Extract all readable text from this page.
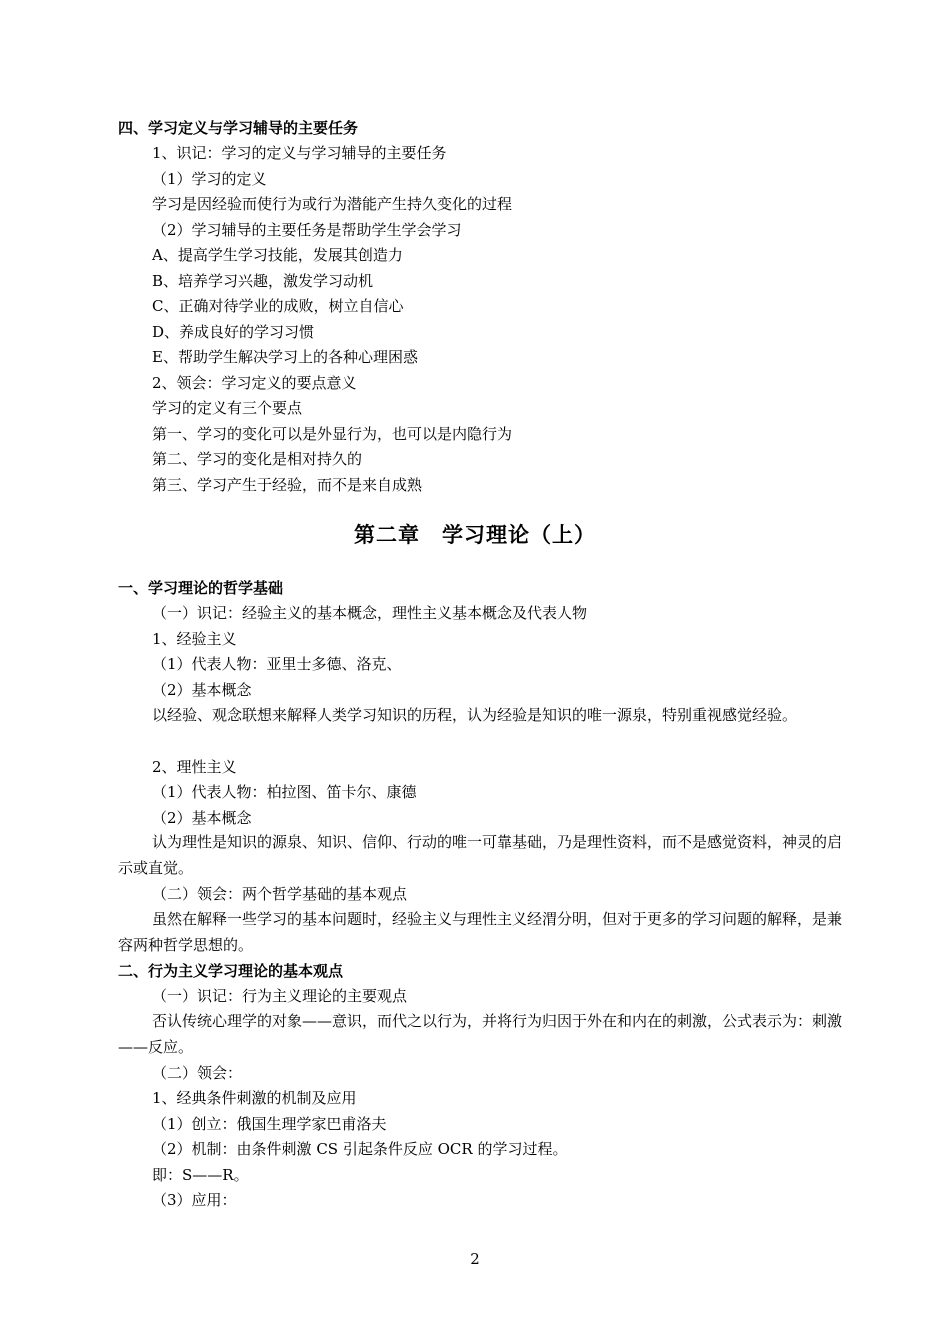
四、学习定义与学习辅导的主要任务
1、识记：学习的定义与学习辅导的主要任务
（1）学习的定义
学习是因经验而使行为或行为潜能产生持久变化的过程
（2）学习辅导的主要任务是帮助学生学会学习
A、提高学生学习技能，发展其创造力
B、培养学习兴趣，激发学习动机
C、正确对待学业的成败，树立自信心
D、养成良好的学习习惯
E、帮助学生解决学习上的各种心理困惑
2、领会：学习定义的要点意义
学习的定义有三个要点
第一、学习的变化可以是外显行为，也可以是内隐行为
第二、学习的变化是相对持久的
第三、学习产生于经验，而不是来自成熟
第二章　学习理论（上）
一、学习理论的哲学基础
（一）识记：经验主义的基本概念，理性主义基本概念及代表人物
1、经验主义
（1）代表人物：亚里士多德、洛克、
（2）基本概念
以经验、观念联想来解释人类学习知识的历程，认为经验是知识的唯一源泉，特别重视感觉经验。
2、理性主义
（1）代表人物：柏拉图、笛卡尔、康德
（2）基本概念
认为理性是知识的源泉、知识、信仰、行动的唯一可靠基础，乃是理性资料，而不是感觉资料，神灵的启示或直觉。
（二）领会：两个哲学基础的基本观点
虽然在解释一些学习的基本问题时，经验主义与理性主义经渭分明，但对于更多的学习问题的解释，是兼容两种哲学思想的。
二、行为主义学习理论的基本观点
（一）识记：行为主义理论的主要观点
否认传统心理学的对象——意识，而代之以行为，并将行为归因于外在和内在的刺激，公式表示为：刺激——反应。
（二）领会：
1、经典条件刺激的机制及应用
（1）创立：俄国生理学家巴甫洛夫
（2）机制：由条件刺激 CS 引起条件反应 OCR 的学习过程。
即：S——R。
（3）应用：
2
